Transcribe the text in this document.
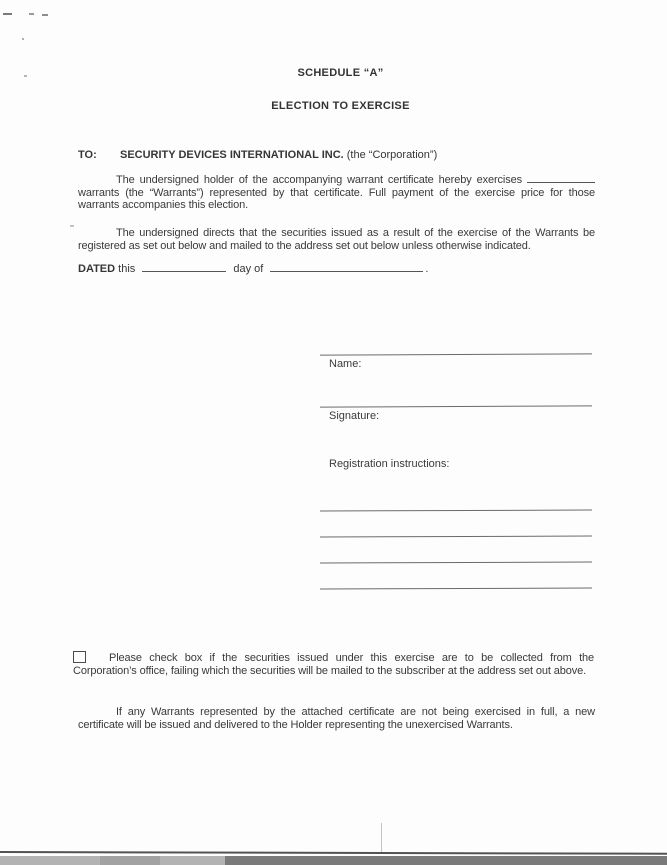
SCHEDULE “A”
ELECTION TO EXERCISE
TO: SECURITY DEVICES INTERNATIONAL INC. (the “Corporation”)

The undersigned holder of the accompanying warrant certificate hereby exercises  warrants (the “Warrants”) represented by that certificate. Full payment of the exercise price for those warrants accompanies this election.

The undersigned directs that the securities issued as a result of the exercise of the Warrants be registered as set out below and mailed to the address set out below unless otherwise indicated.

DATED this	day of	.
Name:
Signature:
Registration instructions:

Please check box if the securities issued under this exercise are to be collected from the Corporation’s office, failing which the securities will be mailed to the subscriber at the address set out above.

If any Warrants represented by the attached certificate are not being exercised in full, a new certificate will be issued and delivered to the Holder representing the unexercised Warrants.
